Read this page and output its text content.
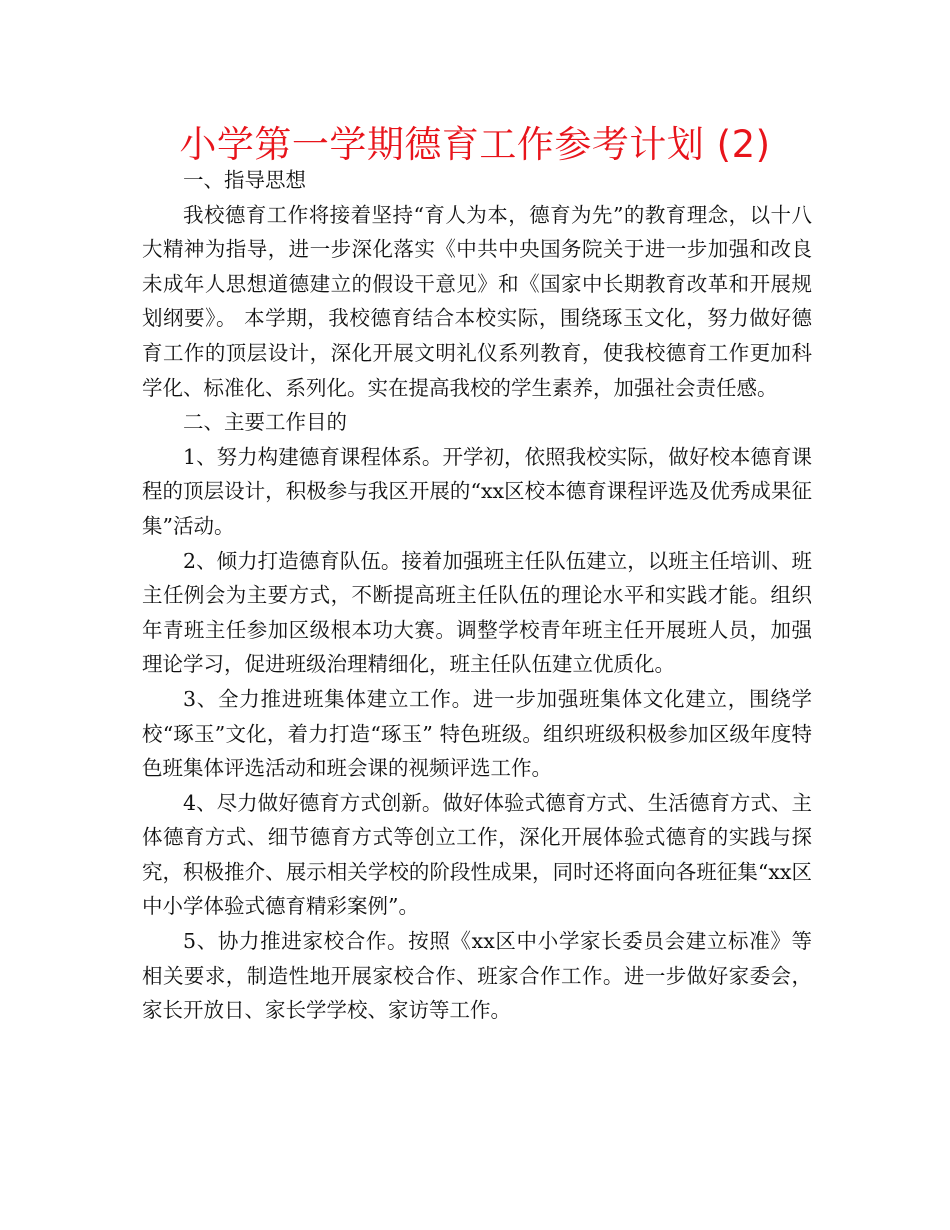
小学第一学期德育工作参考计划 (2)

一、指导思想

我校德育工作将接着坚持“育人为本，德育为先”的教育理念，以十八大精神为指导，进一步深化落实《中共中央国务院关于进一步加强和改良未成年人思想道德建立的假设干意见》和《国家中长期教育改革和开展规划纲要》。 本学期，我校德育结合本校实际，围绕琢玉文化，努力做好德育工作的顶层设计，深化开展文明礼仪系列教育，使我校德育工作更加科学化、标准化、系列化。实在提高我校的学生素养，加强社会责任感。

二、主要工作目的

1、努力构建德育课程体系。开学初，依照我校实际，做好校本德育课程的顶层设计，积极参与我区开展的“xx区校本德育课程评选及优秀成果征集”活动。

2、倾力打造德育队伍。接着加强班主任队伍建立，以班主任培训、班主任例会为主要方式，不断提高班主任队伍的理论水平和实践才能。组织年青班主任参加区级根本功大赛。调整学校青年班主任开展班人员，加强理论学习，促进班级治理精细化，班主任队伍建立优质化。

3、全力推进班集体建立工作。进一步加强班集体文化建立，围绕学校“琢玉”文化，着力打造“琢玉” 特色班级。组织班级积极参加区级年度特色班集体评选活动和班会课的视频评选工作。

4、尽力做好德育方式创新。做好体验式德育方式、生活德育方式、主体德育方式、细节德育方式等创立工作，深化开展体验式德育的实践与探究，积极推介、展示相关学校的阶段性成果，同时还将面向各班征集“xx区中小学体验式德育精彩案例”。

5、协力推进家校合作。按照《xx区中小学家长委员会建立标准》等相关要求，制造性地开展家校合作、班家合作工作。进一步做好家委会，家长开放日、家长学学校、家访等工作。
